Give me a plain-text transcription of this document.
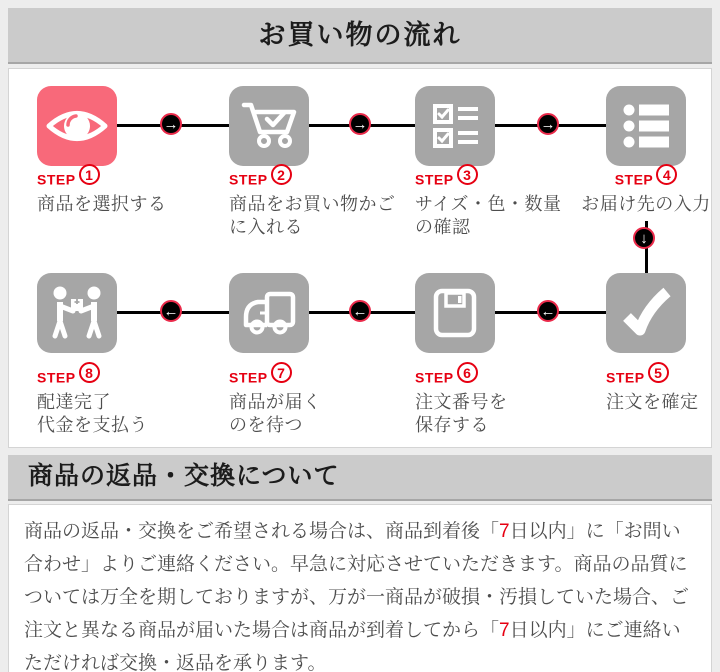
お買い物の流れ
→	→	→
↓
←
←
←
STEP 1
商品を選択する

STEP 2
商品をお買い物かご
に入れる
STEP 3
サイズ・色・数量
の確認
STEP 4
お届け先の入力
STEP 8
配達完了
代金を支払う
STEP 7
商品が届く
のを待つ
STEP 6
注文番号を
保存する
STEP 5
注文を確定
商品の返品・交換について

商品の返品・交換をご希望される場合は、商品到着後「7日以内」に「お問い合わせ」よりご連絡ください。早急に対応させていただきます。商品の品質については万全を期しておりますが、万が一商品が破損・汚損していた場合、ご注文と異なる商品が届いた場合は商品が到着してから「7日以内」にご連絡いただければ交換・返品を承ります。
